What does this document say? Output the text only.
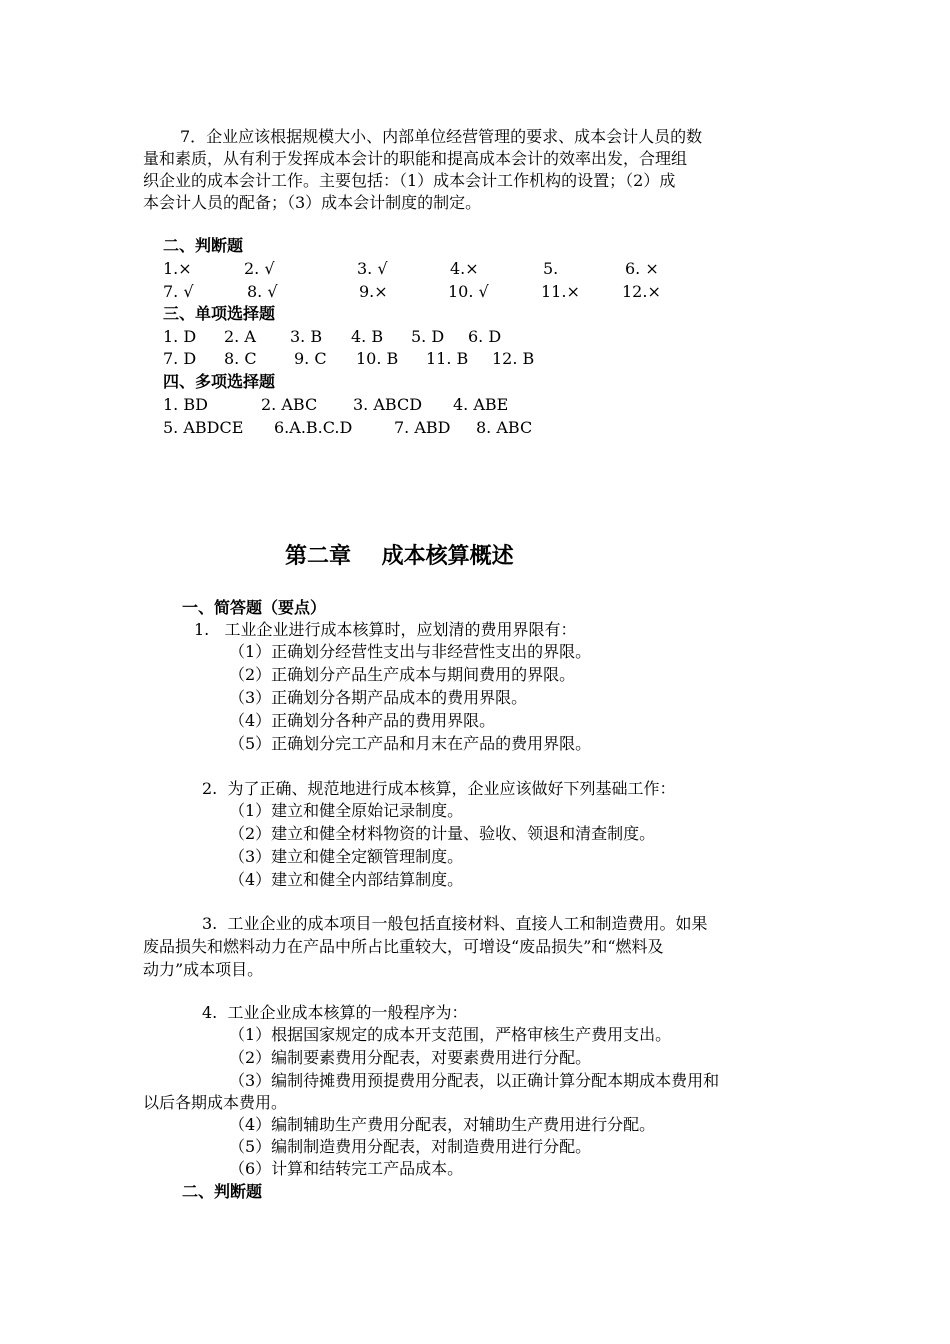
7．企业应该根据规模大小、内部单位经营管理的要求、成本会计人员的数
量和素质，从有利于发挥成本会计的职能和提高成本会计的效率出发，合理组
织企业的成本会计工作。主要包括：（1）成本会计工作机构的设置；（2）成
本会计人员的配备；（3）成本会计制度的制定。
二、判断题
1.×	2. √	3. √	4.×	5.	6. ×
7. √	8. √	9.×	10. √	11.×	12.×
三、单项选择题
1. D 2. A 3. B 4. B 5. D 6. D
7. D 8. C 9. C 10. B 11. B 12. B
四、多项选择题
1. BD	2. ABC 3. ABCD 4. ABE
5. ABDCE 6.A.B.C.D	7. ABD 8. ABC
第二章    成本核算概述
一、简答题（要点）
1.   工业企业进行成本核算时，应划清的费用界限有：
（1）正确划分经营性支出与非经营性支出的界限。
（2）正确划分产品生产成本与期间费用的界限。
（3）正确划分各期产品成本的费用界限。
（4）正确划分各种产品的费用界限。
（5）正确划分完工产品和月末在产品的费用界限。
2.  为了正确、规范地进行成本核算，企业应该做好下列基础工作：
（1）建立和健全原始记录制度。
（2）建立和健全材料物资的计量、验收、领退和清查制度。
（3）建立和健全定额管理制度。
（4）建立和健全内部结算制度。
3.  工业企业的成本项目一般包括直接材料、直接人工和制造费用。如果
废品损失和燃料动力在产品中所占比重较大，可增设“废品损失”和“燃料及
动力”成本项目。
4.  工业企业成本核算的一般程序为：
（1）根据国家规定的成本开支范围，严格审核生产费用支出。
（2）编制要素费用分配表，对要素费用进行分配。
（3）编制待摊费用预提费用分配表，以正确计算分配本期成本费用和
以后各期成本费用。
（4）编制辅助生产费用分配表，对辅助生产费用进行分配。
（5）编制制造费用分配表，对制造费用进行分配。
（6）计算和结转完工产品成本。
二、判断题
